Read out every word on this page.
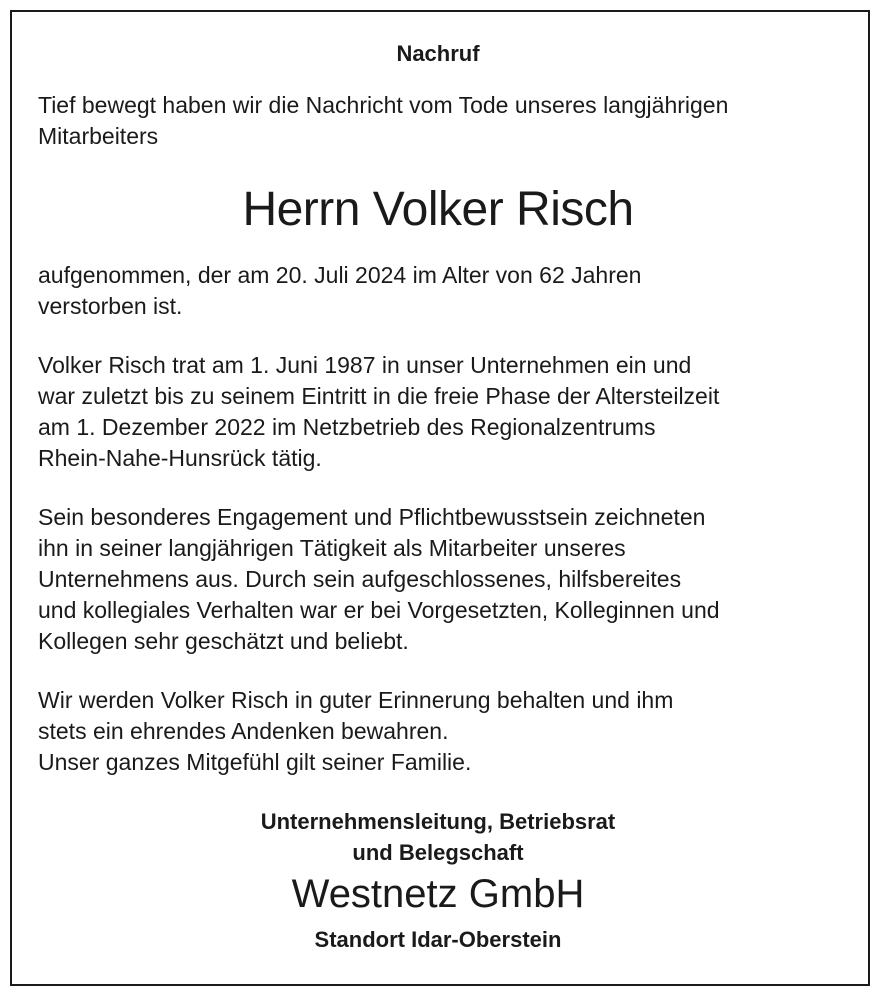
Nachruf

Tief bewegt haben wir die Nachricht vom Tode unseres langjährigen
Mitarbeiters

Herrn Volker Risch

aufgenommen, der am 20. Juli 2024 im Alter von 62 Jahren
verstorben ist.

Volker Risch trat am 1. Juni 1987 in unser Unternehmen ein und
war zuletzt bis zu seinem Eintritt in die freie Phase der Altersteilzeit
am 1. Dezember 2022 im Netzbetrieb des Regionalzentrums
Rhein-Nahe-Hunsrück tätig.

Sein besonderes Engagement und Pflichtbewusstsein zeichneten
ihn in seiner langjährigen Tätigkeit als Mitarbeiter unseres
Unternehmens aus. Durch sein aufgeschlossenes, hilfsbereites
und kollegiales Verhalten war er bei Vorgesetzten, Kolleginnen und
Kollegen sehr geschätzt und beliebt.

Wir werden Volker Risch in guter Erinnerung behalten und ihm
stets ein ehrendes Andenken bewahren.
Unser ganzes Mitgefühl gilt seiner Familie.

Unternehmensleitung, Betriebsrat
und Belegschaft
Westnetz GmbH
Standort Idar-Oberstein
